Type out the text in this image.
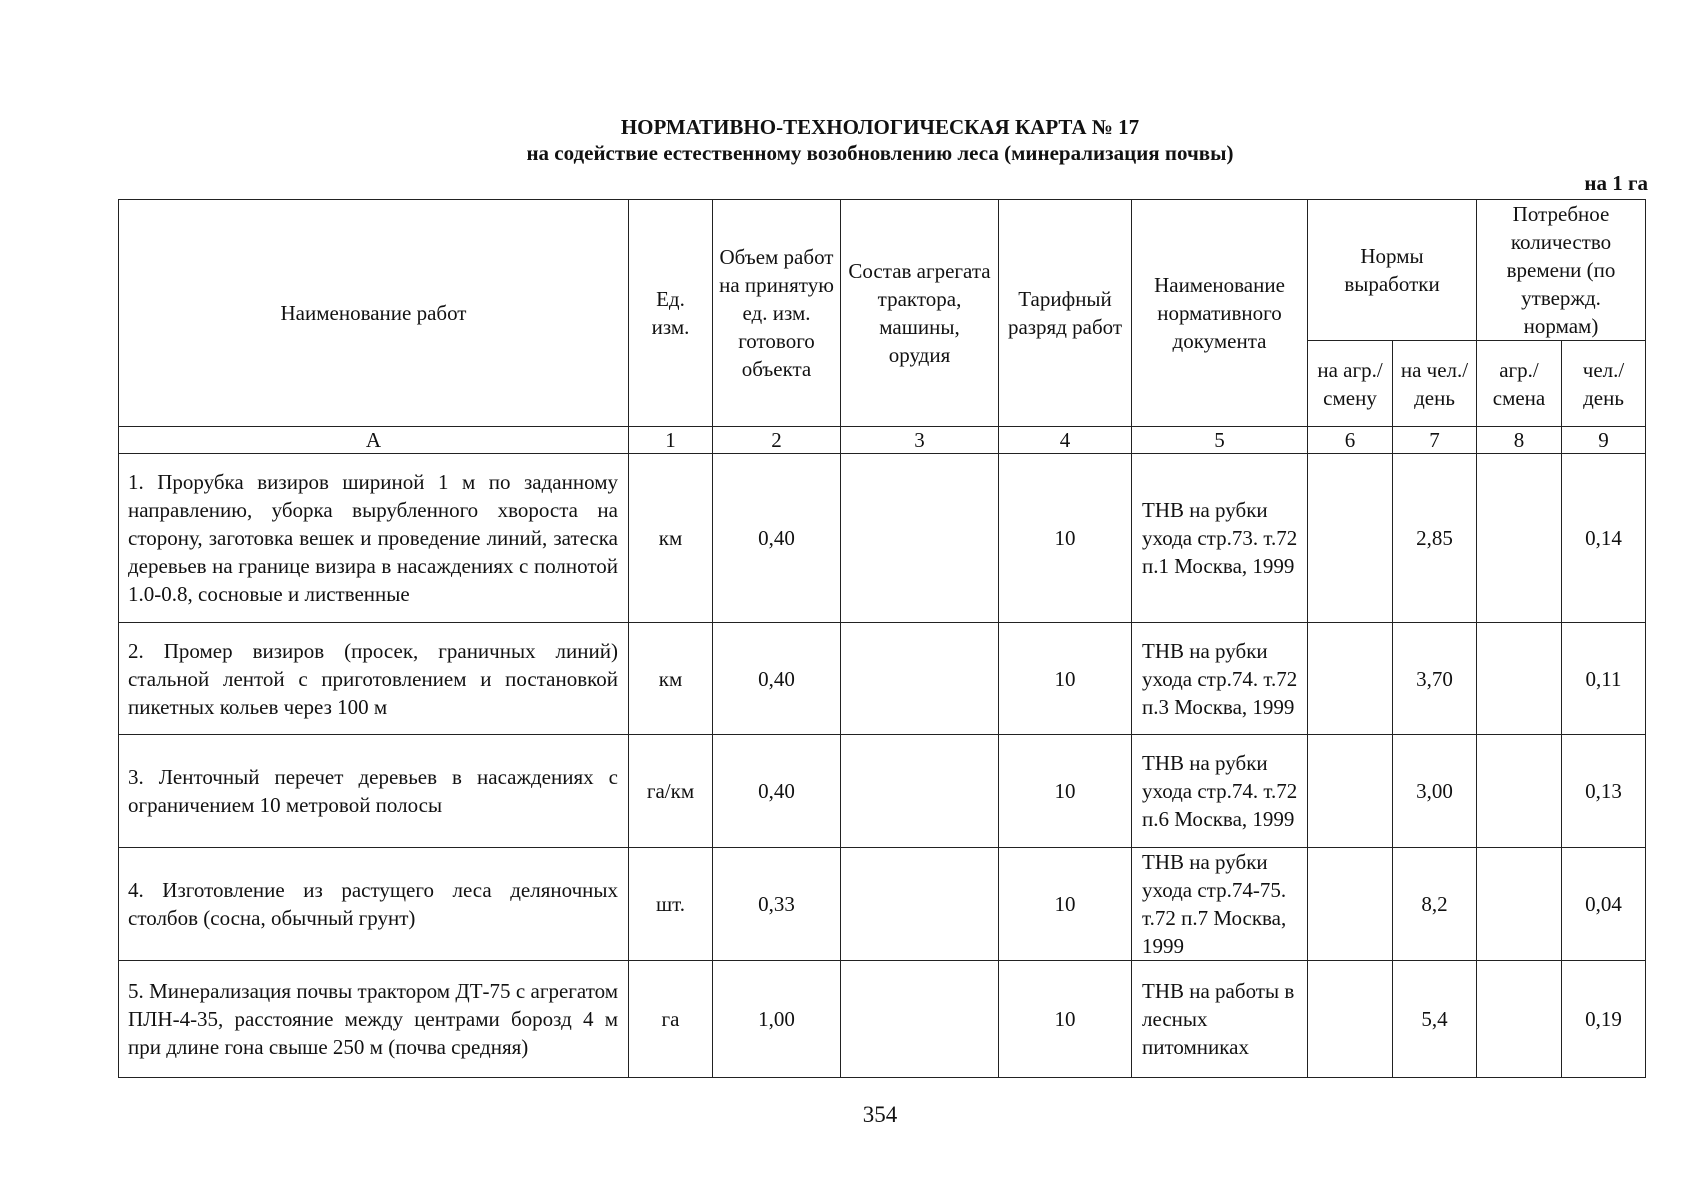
НОРМАТИВНО-ТЕХНОЛОГИЧЕСКАЯ КАРТА № 17
на содействие естественному возобновлению леса (минерализация почвы)
на 1 га
Наименование работ	Ед. изм.	Объем работ на принятую ед. изм. готового объекта	Состав агрегата трактора, машины, орудия	Тарифный разряд работ	Наименование нормативного документа	Нормы выработки		Потребное количество времени (по утвержд. нормам)	
						на агр./ смену	на чел./ день	агр./ смена	чел./ день
А	1	2	3	4	5	6	7	8	9
1. Прорубка визиров шириной 1 м по заданному направлению, уборка вырубленного хвороста на сторону, заготовка вешек и проведение линий, затеска деревьев на границе визира в насаждениях с полнотой 1.0-0.8, сосновые и лиственные	км	0,40		10	ТНВ на рубки ухода стр.73. т.72 п.1 Москва, 1999		2,85		0,14
2. Промер визиров (просек, граничных линий) стальной лентой с приготовлением и постановкой пикетных кольев через 100 м	км	0,40		10	ТНВ на рубки ухода стр.74. т.72 п.3 Москва, 1999		3,70		0,11
3. Ленточный перечет деревьев в насаждениях с ограничением 10 метровой полосы	га/км	0,40		10	ТНВ на рубки ухода стр.74. т.72 п.6 Москва, 1999		3,00		0,13
4. Изготовление из растущего леса деляночных столбов (сосна, обычный грунт)	шт.	0,33		10	ТНВ на рубки ухода стр.74-75. т.72 п.7 Москва, 1999		8,2		0,04
5. Минерализация почвы трактором ДТ-75 с агрегатом ПЛН-4-35, расстояние между центрами борозд 4 м при длине гона свыше 250 м (почва средняя)	га	1,00		10	ТНВ на работы в лесных питомниках		5,4		0,19
354
